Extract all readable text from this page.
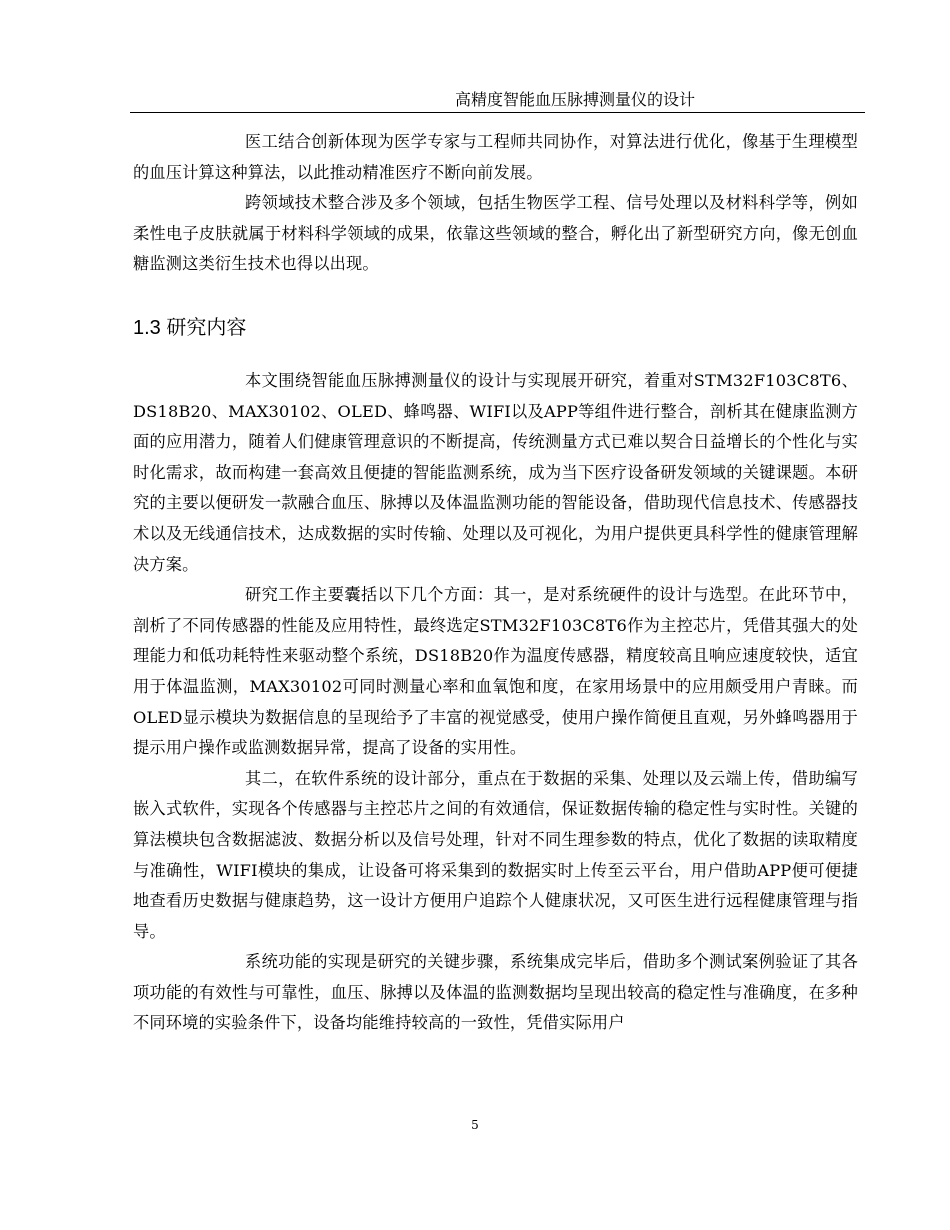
高精度智能血压脉搏测量仪的设计

医工结合创新体现为医学专家与工程师共同协作，对算法进行优化，像基于生理模型的血压计算这种算法，以此推动精准医疗不断向前发展。

跨领域技术整合涉及多个领域，包括生物医学工程、信号处理以及材料科学等，例如柔性电子皮肤就属于材料科学领域的成果，依靠这些领域的整合，孵化出了新型研究方向，像无创血糖监测这类衍生技术也得以出现。

1.3 研究内容

本文围绕智能血压脉搏测量仪的设计与实现展开研究，着重对STM32F103C8T6、DS18B20、MAX30102、OLED、蜂鸣器、WIFI以及APP等组件进行整合，剖析其在健康监测方面的应用潜力，随着人们健康管理意识的不断提高，传统测量方式已难以契合日益增长的个性化与实时化需求，故而构建一套高效且便捷的智能监测系统，成为当下医疗设备研发领域的关键课题。本研究的主要以便研发一款融合血压、脉搏以及体温监测功能的智能设备，借助现代信息技术、传感器技术以及无线通信技术，达成数据的实时传输、处理以及可视化，为用户提供更具科学性的健康管理解决方案。

研究工作主要囊括以下几个方面：其一，是对系统硬件的设计与选型。在此环节中，剖析了不同传感器的性能及应用特性，最终选定STM32F103C8T6作为主控芯片，凭借其强大的处理能力和低功耗特性来驱动整个系统，DS18B20作为温度传感器，精度较高且响应速度较快，适宜用于体温监测，MAX30102可同时测量心率和血氧饱和度，在家用场景中的应用颇受用户青睐。而OLED显示模块为数据信息的呈现给予了丰富的视觉感受，使用户操作简便且直观，另外蜂鸣器用于提示用户操作或监测数据异常，提高了设备的实用性。

其二，在软件系统的设计部分，重点在于数据的采集、处理以及云端上传，借助编写嵌入式软件，实现各个传感器与主控芯片之间的有效通信，保证数据传输的稳定性与实时性。关键的算法模块包含数据滤波、数据分析以及信号处理，针对不同生理参数的特点，优化了数据的读取精度与准确性，WIFI模块的集成，让设备可将采集到的数据实时上传至云平台，用户借助APP便可便捷地查看历史数据与健康趋势，这一设计方便用户追踪个人健康状况，又可医生进行远程健康管理与指导。

系统功能的实现是研究的关键步骤，系统集成完毕后，借助多个测试案例验证了其各项功能的有效性与可靠性，血压、脉搏以及体温的监测数据均呈现出较高的稳定性与准确度，在多种不同环境的实验条件下，设备均能维持较高的一致性，凭借实际用户

5
